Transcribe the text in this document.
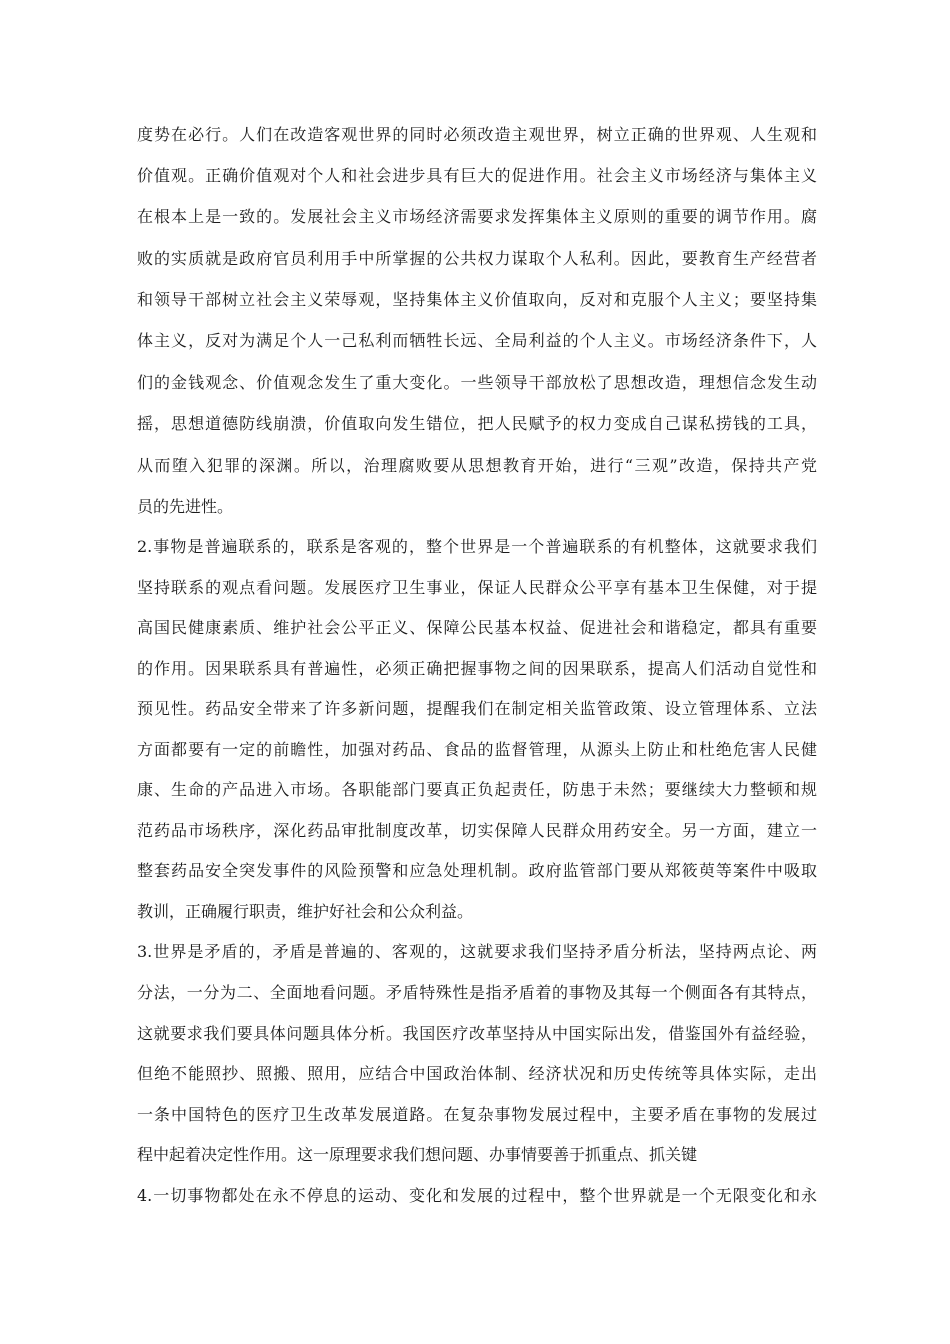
度势在必行。人们在改造客观世界的同时必须改造主观世界，树立正确的世界观、人生观和
价值观。正确价值观对个人和社会进步具有巨大的促进作用。社会主义市场经济与集体主义
在根本上是一致的。发展社会主义市场经济需要求发挥集体主义原则的重要的调节作用。腐
败的实质就是政府官员利用手中所掌握的公共权力谋取个人私利。因此，要教育生产经营者
和领导干部树立社会主义荣辱观，坚持集体主义价值取向，反对和克服个人主义；要坚持集
体主义，反对为满足个人一己私利而牺牲长远、全局利益的个人主义。市场经济条件下，人
们的金钱观念、价值观念发生了重大变化。一些领导干部放松了思想改造，理想信念发生动
摇，思想道德防线崩溃，价值取向发生错位，把人民赋予的权力变成自己谋私捞钱的工具，
从而堕入犯罪的深渊。所以，治理腐败要从思想教育开始，进行“三观”改造，保持共产党
员的先进性。
2.事物是普遍联系的，联系是客观的，整个世界是一个普遍联系的有机整体，这就要求我们
坚持联系的观点看问题。发展医疗卫生事业，保证人民群众公平享有基本卫生保健，对于提
高国民健康素质、维护社会公平正义、保障公民基本权益、促进社会和谐稳定，都具有重要
的作用。因果联系具有普遍性，必须正确把握事物之间的因果联系，提高人们活动自觉性和
预见性。药品安全带来了许多新问题，提醒我们在制定相关监管政策、设立管理体系、立法
方面都要有一定的前瞻性，加强对药品、食品的监督管理，从源头上防止和杜绝危害人民健
康、生命的产品进入市场。各职能部门要真正负起责任，防患于未然；要继续大力整顿和规
范药品市场秩序，深化药品审批制度改革，切实保障人民群众用药安全。另一方面，建立一
整套药品安全突发事件的风险预警和应急处理机制。政府监管部门要从郑筱萸等案件中吸取
教训，正确履行职责，维护好社会和公众利益。
3.世界是矛盾的，矛盾是普遍的、客观的，这就要求我们坚持矛盾分析法，坚持两点论、两
分法，一分为二、全面地看问题。矛盾特殊性是指矛盾着的事物及其每一个侧面各有其特点，
这就要求我们要具体问题具体分析。我国医疗改革坚持从中国实际出发，借鉴国外有益经验，
但绝不能照抄、照搬、照用，应结合中国政治体制、经济状况和历史传统等具体实际，走出
一条中国特色的医疗卫生改革发展道路。在复杂事物发展过程中，主要矛盾在事物的发展过
程中起着决定性作用。这一原理要求我们想问题、办事情要善于抓重点、抓关键
4.一切事物都处在永不停息的运动、变化和发展的过程中，整个世界就是一个无限变化和永
